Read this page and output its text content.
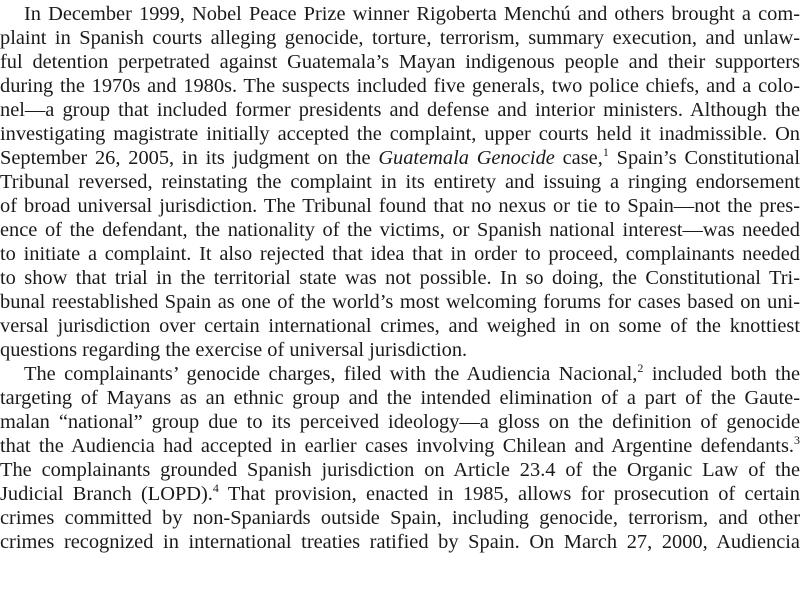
In December 1999, Nobel Peace Prize winner Rigoberta Menchú and others brought a com-
plaint in Spanish courts alleging genocide, torture, terrorism, summary execution, and unlaw-
ful detention perpetrated against Guatemala’s Mayan indigenous people and their supporters
during the 1970s and 1980s. The suspects included five generals, two police chiefs, and a colo-
nel—a group that included former presidents and defense and interior ministers. Although the
investigating magistrate initially accepted the complaint, upper courts held it inadmissible. On
September 26, 2005, in its judgment on the Guatemala Genocide case,$^1$ Spain’s Constitutional
Tribunal reversed, reinstating the complaint in its entirety and issuing a ringing endorsement
of broad universal jurisdiction. The Tribunal found that no nexus or tie to Spain—not the pres-
ence of the defendant, the nationality of the victims, or Spanish national interest—was needed
to initiate a complaint. It also rejected that idea that in order to proceed, complainants needed
to show that trial in the territorial state was not possible. In so doing, the Constitutional Tri-
bunal reestablished Spain as one of the world’s most welcoming forums for cases based on uni-
versal jurisdiction over certain international crimes, and weighed in on some of the knottiest
questions regarding the exercise of universal jurisdiction.
The complainants’ genocide charges, filed with the Audiencia Nacional,$^2$ included both the
targeting of Mayans as an ethnic group and the intended elimination of a part of the Gaute-
malan “national” group due to its perceived ideology—a gloss on the definition of genocide
that the Audiencia had accepted in earlier cases involving Chilean and Argentine defendants.$^3$
The complainants grounded Spanish jurisdiction on Article 23.4 of the Organic Law of the
Judicial Branch (LOPD).$^4$ That provision, enacted in 1985, allows for prosecution of certain
crimes committed by non-Spaniards outside Spain, including genocide, terrorism, and other
crimes recognized in international treaties ratified by Spain. On March 27, 2000, Audiencia
